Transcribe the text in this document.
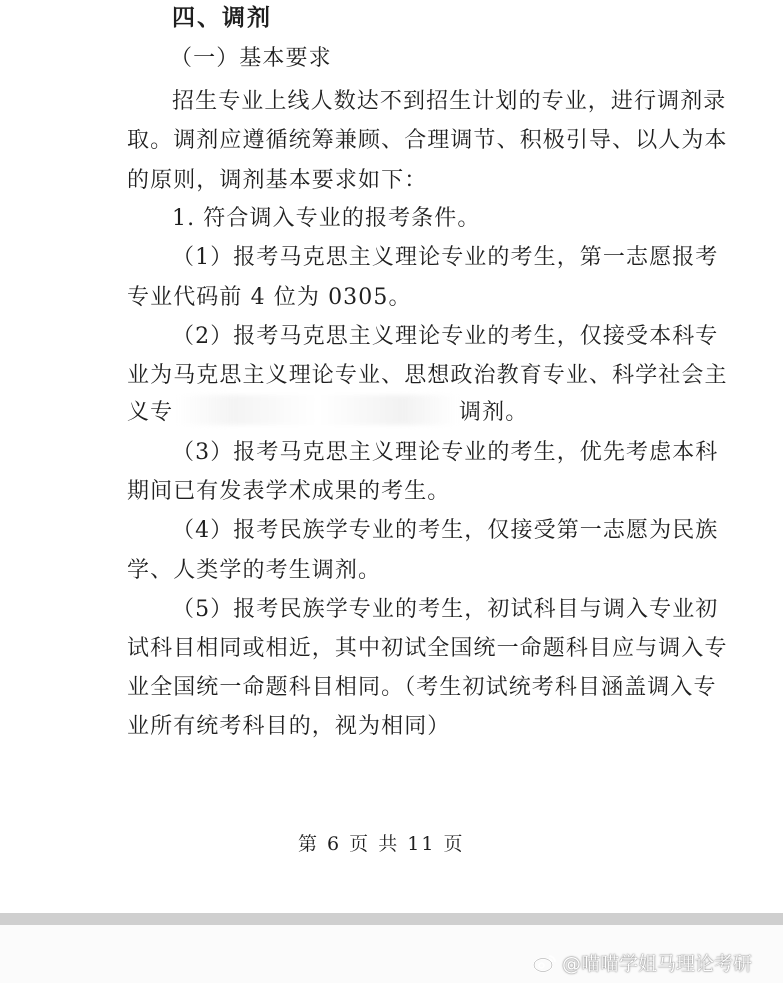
四、调剂
（一）基本要求
招生专业上线人数达不到招生计划的专业，进行调剂录
取。调剂应遵循统筹兼顾、合理调节、积极引导、以人为本
的原则，调剂基本要求如下：
1. 符合调入专业的报考条件。
（1）报考马克思主义理论专业的考生，第一志愿报考
专业代码前 4 位为 0305。
（2）报考马克思主义理论专业的考生，仅接受本科专
业为马克思主义理论专业、思想政治教育专业、科学社会主
义专	调剂。
（3）报考马克思主义理论专业的考生，优先考虑本科
期间已有发表学术成果的考生。
（4）报考民族学专业的考生，仅接受第一志愿为民族
学、人类学的考生调剂。
（5）报考民族学专业的考生，初试科目与调入专业初
试科目相同或相近，其中初试全国统一命题科目应与调入专
业全国统一命题科目相同。（考生初试统考科目涵盖调入专
业所有统考科目的，视为相同）
第 6 页 共 11 页
@喵喵学姐马理论考研
